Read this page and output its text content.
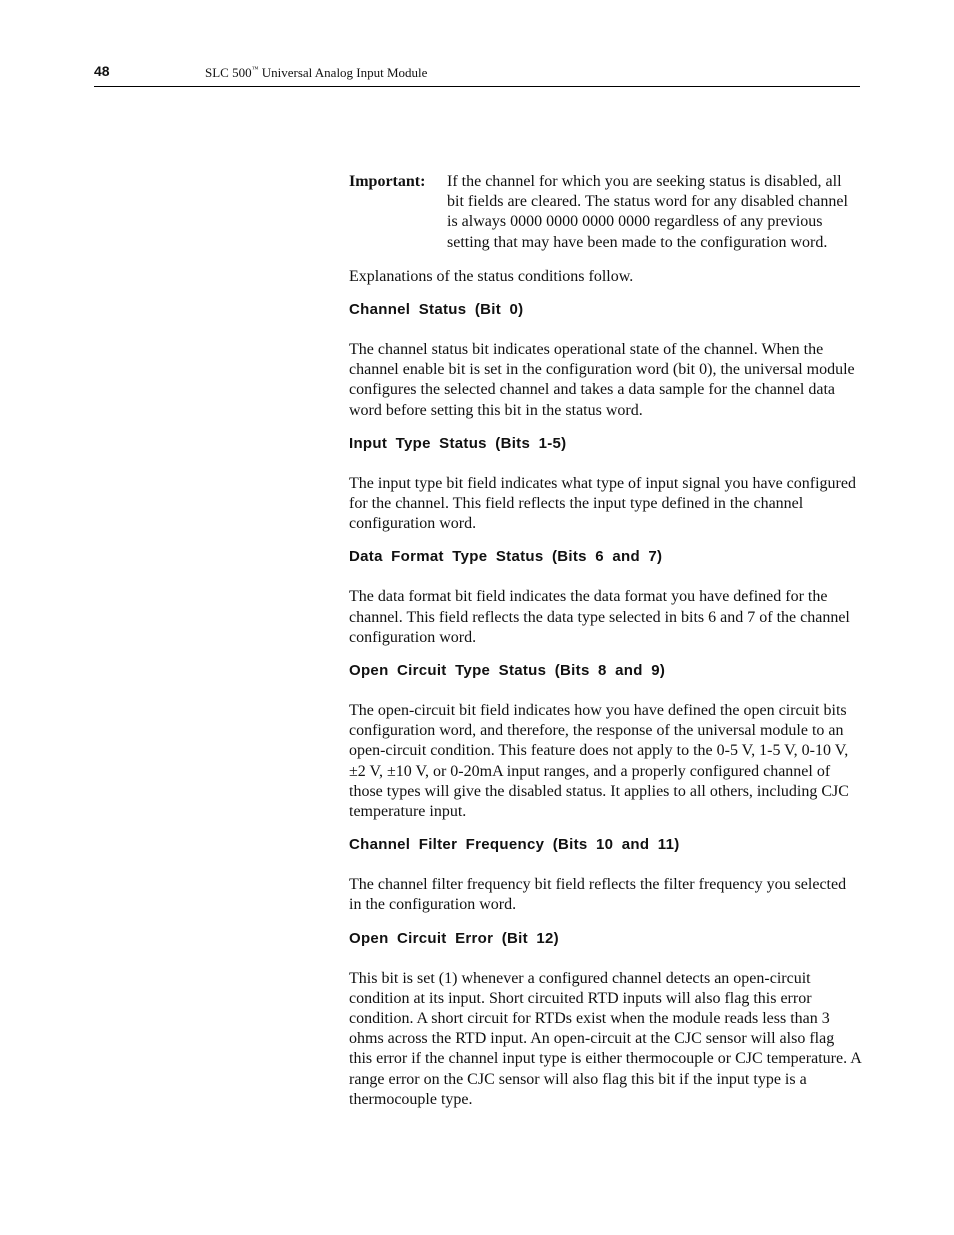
48	SLC 500™ Universal Analog Input Module
Important: If the channel for which you are seeking status is disabled, all bit fields are cleared. The status word for any disabled channel is always 0000 0000 0000 0000 regardless of any previous setting that may have been made to the configuration word.

Explanations of the status conditions follow.

Channel Status (Bit 0)

The channel status bit indicates operational state of the channel. When the channel enable bit is set in the configuration word (bit 0), the universal module configures the selected channel and takes a data sample for the channel data word before setting this bit in the status word.

Input Type Status (Bits 1-5)

The input type bit field indicates what type of input signal you have configured for the channel. This field reflects the input type defined in the channel configuration word.

Data Format Type Status (Bits 6 and 7)

The data format bit field indicates the data format you have defined for the channel. This field reflects the data type selected in bits 6 and 7 of the channel configuration word.

Open Circuit Type Status (Bits 8 and 9)

The open-circuit bit field indicates how you have defined the open circuit bits configuration word, and therefore, the response of the universal module to an open-circuit condition. This feature does not apply to the 0-5 V, 1-5 V, 0-10 V, ±2 V, ±10 V, or 0-20mA input ranges, and a properly configured channel of those types will give the disabled status. It applies to all others, including CJC temperature input.

Channel Filter Frequency (Bits 10 and 11)

The channel filter frequency bit field reflects the filter frequency you selected in the configuration word.

Open Circuit Error (Bit 12)

This bit is set (1) whenever a configured channel detects an open-circuit condition at its input. Short circuited RTD inputs will also flag this error condition. A short circuit for RTDs exist when the module reads less than 3 ohms across the RTD input. An open-circuit at the CJC sensor will also flag this error if the channel input type is either thermocouple or CJC temperature. A range error on the CJC sensor will also flag this bit if the input type is a thermocouple type.
